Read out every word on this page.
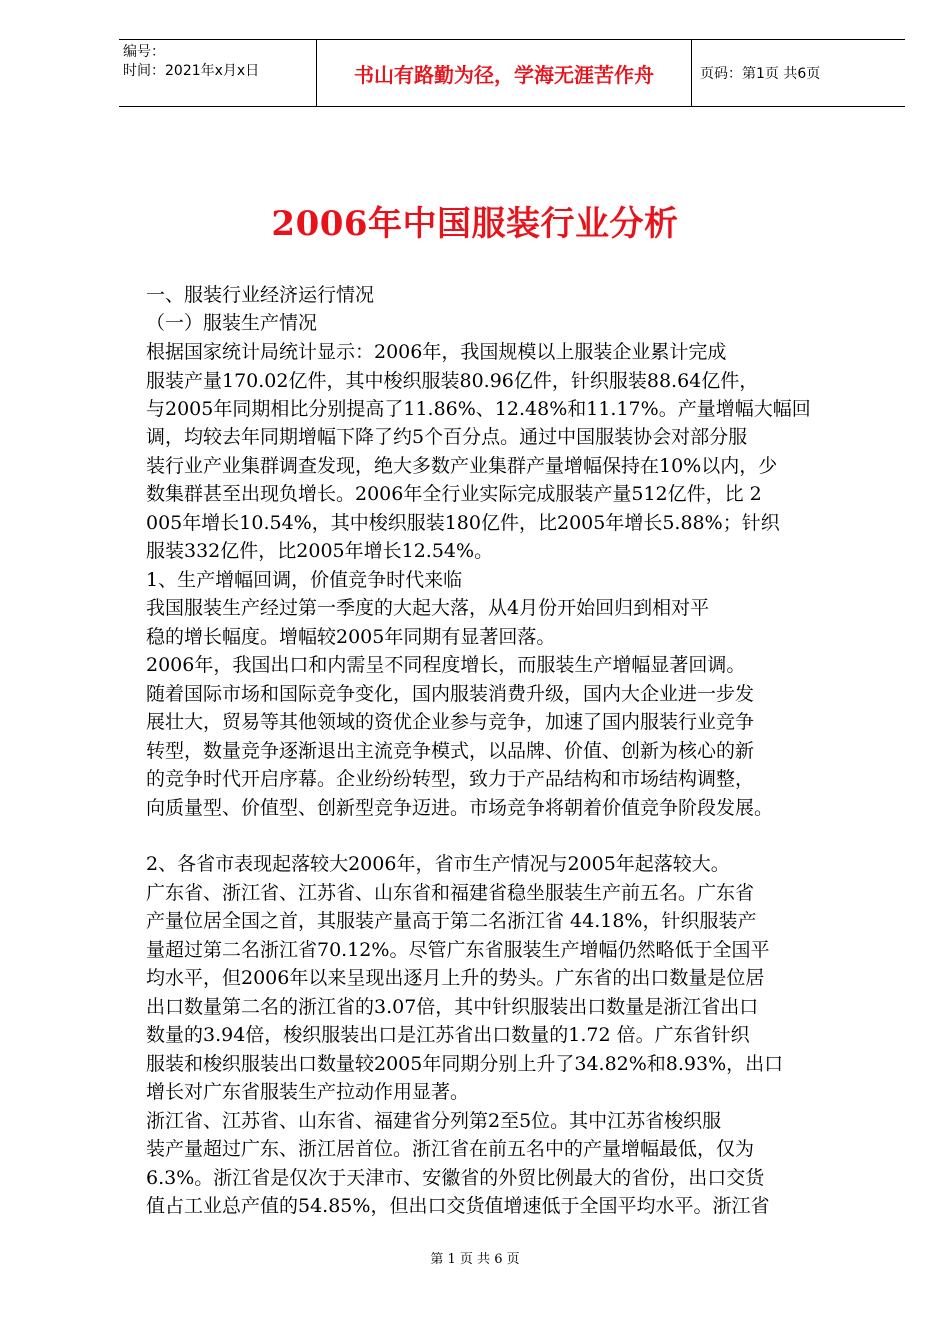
编号：
时间：2021年x月x日	书山有路勤为径，学海无涯苦作舟	页码：第1页 共6页
2006年中国服装行业分析
一、服装行业经济运行情况
（一）服装生产情况
根据国家统计局统计显示：2006年，我国规模以上服装企业累计完成
服装产量170.02亿件，其中梭织服装80.96亿件，针织服装88.64亿件，
与2005年同期相比分别提高了11.86%、12.48%和11.17%。产量增幅大幅回
调，均较去年同期增幅下降了约5个百分点。通过中国服装协会对部分服
装行业产业集群调查发现，绝大多数产业集群产量增幅保持在10%以内，少
数集群甚至出现负增长。2006年全行业实际完成服装产量512亿件，比 2
005年增长10.54%，其中梭织服装180亿件，比2005年增长5.88%；针织
服装332亿件，比2005年增长12.54%。
1、生产增幅回调，价值竞争时代来临
我国服装生产经过第一季度的大起大落，从4月份开始回归到相对平
稳的增长幅度。增幅较2005年同期有显著回落。
2006年，我国出口和内需呈不同程度增长，而服装生产增幅显著回调。
随着国际市场和国际竞争变化，国内服装消费升级，国内大企业进一步发
展壮大，贸易等其他领域的资优企业参与竞争，加速了国内服装行业竞争
转型，数量竞争逐渐退出主流竞争模式，以品牌、价值、创新为核心的新
的竞争时代开启序幕。企业纷纷转型，致力于产品结构和市场结构调整，
向质量型、价值型、创新型竞争迈进。市场竞争将朝着价值竞争阶段发展。
2、各省市表现起落较大2006年，省市生产情况与2005年起落较大。
广东省、浙江省、江苏省、山东省和福建省稳坐服装生产前五名。广东省
产量位居全国之首，其服装产量高于第二名浙江省 44.18%，针织服装产
量超过第二名浙江省70.12%。尽管广东省服装生产增幅仍然略低于全国平
均水平，但2006年以来呈现出逐月上升的势头。广东省的出口数量是位居
出口数量第二名的浙江省的3.07倍，其中针织服装出口数量是浙江省出口
数量的3.94倍，梭织服装出口是江苏省出口数量的1.72 倍。广东省针织
服装和梭织服装出口数量较2005年同期分别上升了34.82%和8.93%，出口
增长对广东省服装生产拉动作用显著。
浙江省、江苏省、山东省、福建省分列第2至5位。其中江苏省梭织服
装产量超过广东、浙江居首位。浙江省在前五名中的产量增幅最低，仅为
6.3%。浙江省是仅次于天津市、安徽省的外贸比例最大的省份，出口交货
值占工业总产值的54.85%，但出口交货值增速低于全国平均水平。浙江省
第 1 页 共 6 页
